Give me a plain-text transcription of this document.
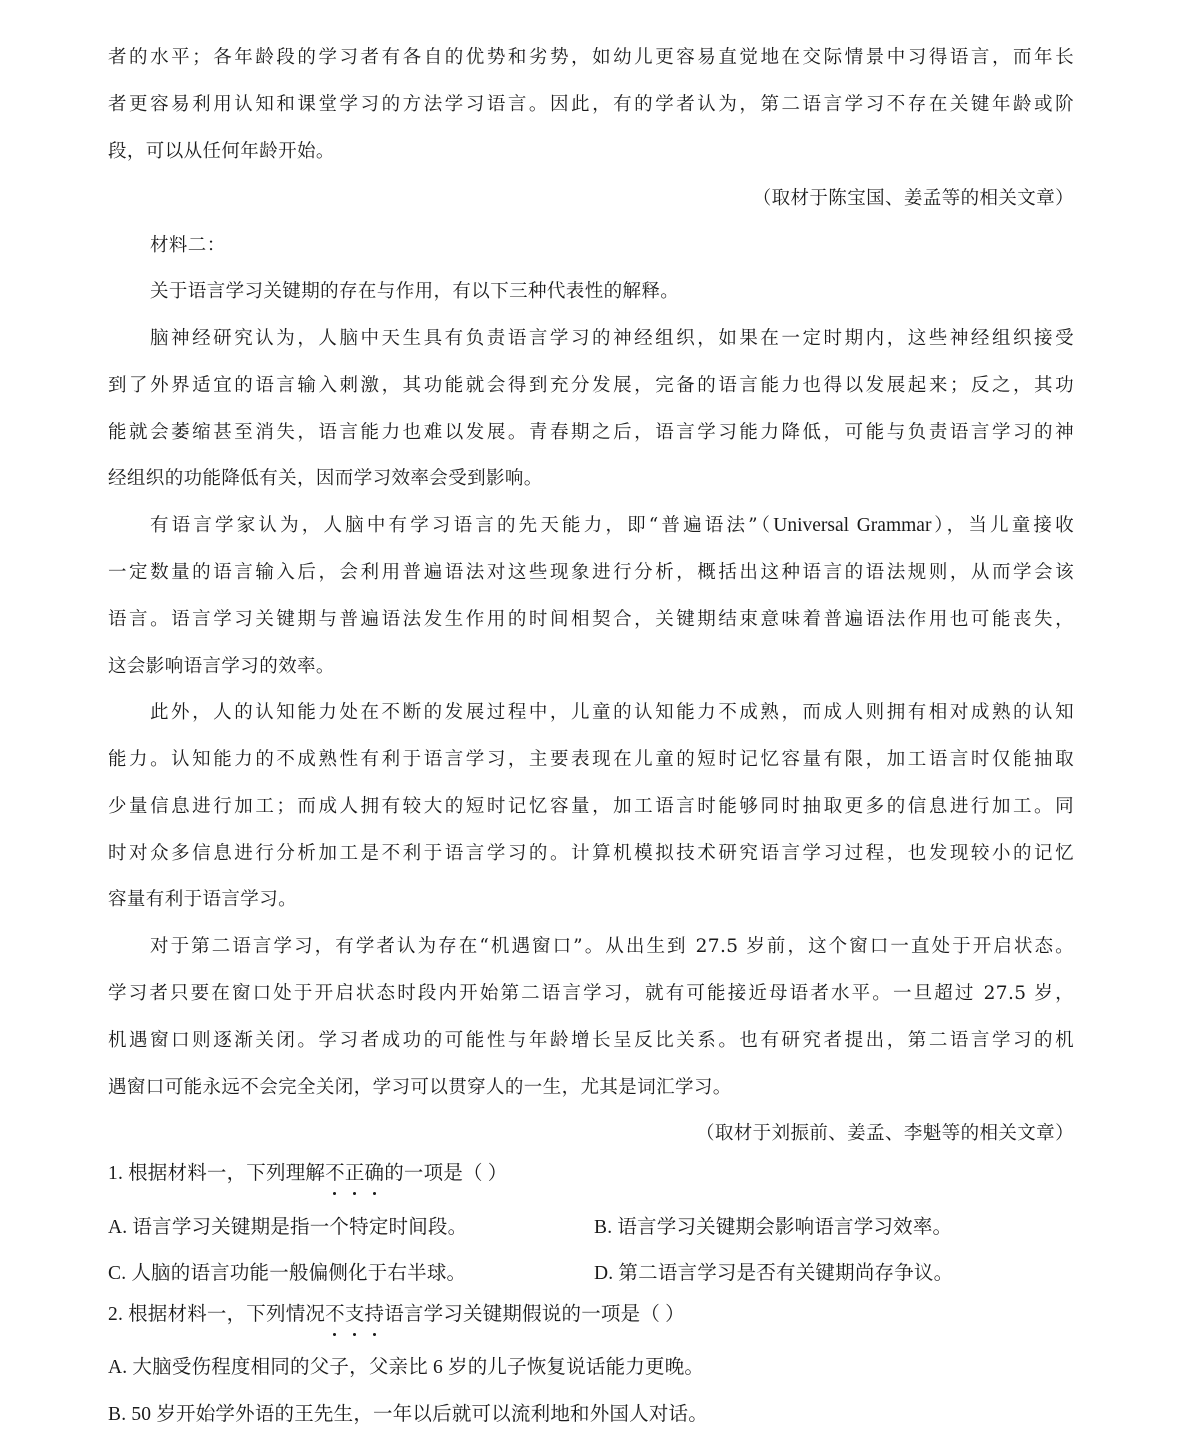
者的水平；各年龄段的学习者有各自的优势和劣势，如幼儿更容易直觉地在交际情景中习得语言，而年长
者更容易利用认知和课堂学习的方法学习语言。因此，有的学者认为，第二语言学习不存在关键年龄或阶
段，可以从任何年龄开始。
（取材于陈宝国、姜孟等的相关文章）
材料二：
关于语言学习关键期的存在与作用，有以下三种代表性的解释。
脑神经研究认为，人脑中天生具有负责语言学习的神经组织，如果在一定时期内，这些神经组织接受
到了外界适宜的语言输入刺激，其功能就会得到充分发展，完备的语言能力也得以发展起来；反之，其功
能就会萎缩甚至消失，语言能力也难以发展。青春期之后，语言学习能力降低，可能与负责语言学习的神
经组织的功能降低有关，因而学习效率会受到影响。
有语言学家认为，人脑中有学习语言的先天能力，即“普遍语法”（Universal Grammar），当儿童接收
一定数量的语言输入后，会利用普遍语法对这些现象进行分析，概括出这种语言的语法规则，从而学会该
语言。语言学习关键期与普遍语法发生作用的时间相契合，关键期结束意味着普遍语法作用也可能丧失，
这会影响语言学习的效率。
此外，人的认知能力处在不断的发展过程中，儿童的认知能力不成熟，而成人则拥有相对成熟的认知
能力。认知能力的不成熟性有利于语言学习，主要表现在儿童的短时记忆容量有限，加工语言时仅能抽取
少量信息进行加工；而成人拥有较大的短时记忆容量，加工语言时能够同时抽取更多的信息进行加工。同
时对众多信息进行分析加工是不利于语言学习的。计算机模拟技术研究语言学习过程，也发现较小的记忆
容量有利于语言学习。
对于第二语言学习，有学者认为存在“机遇窗口”。从出生到 27.5 岁前，这个窗口一直处于开启状态。
学习者只要在窗口处于开启状态时段内开始第二语言学习，就有可能接近母语者水平。一旦超过 27.5 岁，
机遇窗口则逐渐关闭。学习者成功的可能性与年龄增长呈反比关系。也有研究者提出，第二语言学习的机
遇窗口可能永远不会完全关闭，学习可以贯穿人的一生，尤其是词汇学习。
（取材于刘振前、姜孟、李魁等的相关文章）
1. 根据材料一，下列理解不正确的一项是（ ）
A. 语言学习关键期是指一个特定时间段。	B. 语言学习关键期会影响语言学习效率。
C. 人脑的语言功能一般偏侧化于右半球。	D. 第二语言学习是否有关键期尚存争议。
2. 根据材料一，下列情况不支持语言学习关键期假说的一项是（ ）
A. 大脑受伤程度相同的父子，父亲比 6 岁的儿子恢复说话能力更晚。
B. 50 岁开始学外语的王先生，一年以后就可以流利地和外国人对话。
